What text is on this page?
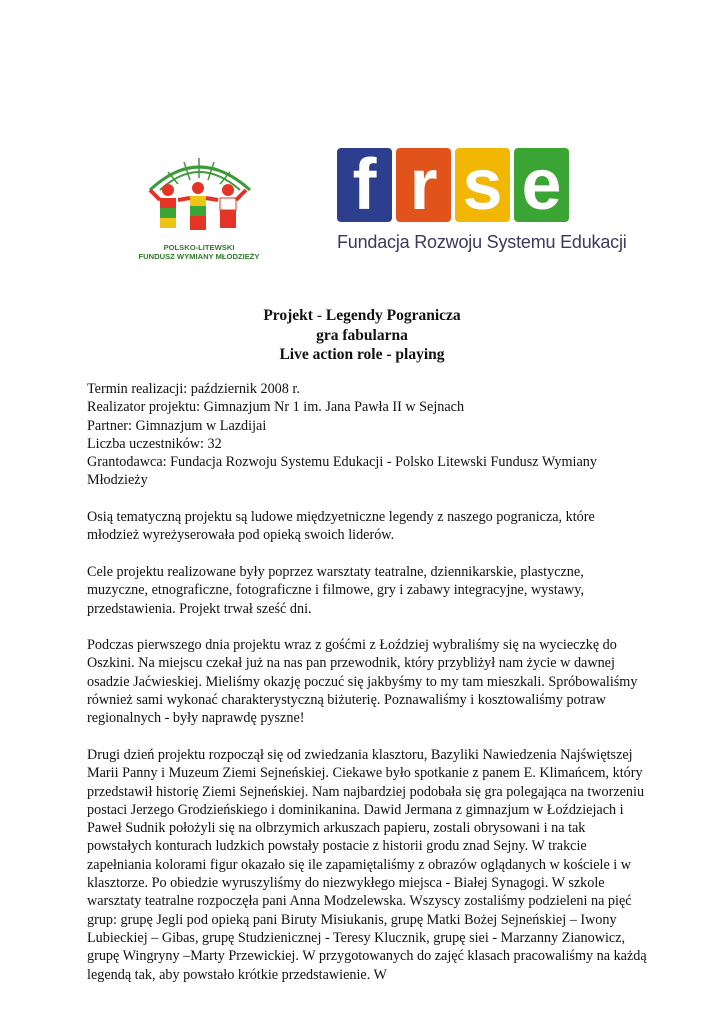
POLSKO-LITEWSKI
FUNDUSZ WYMIANY MŁODZIEŻY
f r s e
Fundacja Rozwoju Systemu Edukacji
Projekt - Legendy Pogranicza
gra fabularna
Live action role - playing

Termin realizacji: październik 2008 r.
Realizator projektu: Gimnazjum Nr 1 im. Jana Pawła II w Sejnach
Partner: Gimnazjum w Lazdijai
Liczba uczestników: 32
Grantodawca: Fundacja Rozwoju Systemu Edukacji - Polsko Litewski Fundusz Wymiany Młodzieży

Osią tematyczną projektu są ludowe międzyetniczne legendy z naszego pogranicza, które młodzież wyreżyserowała pod opieką swoich liderów.

Cele projektu realizowane były poprzez warsztaty teatralne, dziennikarskie, plastyczne, muzyczne, etnograficzne, fotograficzne i filmowe, gry i zabawy integracyjne, wystawy, przedstawienia. Projekt trwał sześć dni.

Podczas pierwszego dnia projektu wraz z gośćmi z Łoździej wybraliśmy się na wycieczkę do Oszkini. Na miejscu czekał już na nas pan przewodnik, który przybliżył nam życie w dawnej osadzie Jaćwieskiej. Mieliśmy okazję poczuć się jakbyśmy to my tam mieszkali. Spróbowaliśmy również sami wykonać charakterystyczną biżuterię. Poznawaliśmy i kosztowaliśmy potraw regionalnych - były naprawdę pyszne!

Drugi dzień projektu rozpoczął się od zwiedzania klasztoru, Bazyliki Nawiedzenia Najświętszej Marii Panny i Muzeum Ziemi Sejneńskiej. Ciekawe było spotkanie z panem E. Klimańcem, który przedstawił historię Ziemi Sejneńskiej. Nam najbardziej podobała się gra polegająca na tworzeniu postaci Jerzego Grodzieńskiego i dominikanina. Dawid Jermana z gimnazjum w Łoździejach i Paweł Sudnik położyli się na olbrzymich arkuszach papieru, zostali obrysowani i na tak powstałych konturach ludzkich powstały postacie z historii grodu znad Sejny. W trakcie zapełniania kolorami figur okazało się ile zapamiętaliśmy z obrazów oglądanych w kościele i w klasztorze. Po obiedzie wyruszyliśmy do niezwykłego miejsca - Białej Synagogi. W szkole warsztaty teatralne rozpoczęła pani Anna Modzelewska. Wszyscy zostaliśmy podzieleni na pięć grup: grupę Jegli pod opieką pani Biruty Misiukanis, grupę Matki Bożej Sejneńskiej – Iwony Lubieckiej – Gibas, grupę Studzienicznej - Teresy Klucznik, grupę siei - Marzanny Zianowicz, grupę Wingryny –Marty Przewickiej. W przygotowanych do zajęć klasach pracowaliśmy na każdą legendą tak, aby powstało krótkie przedstawienie. W
